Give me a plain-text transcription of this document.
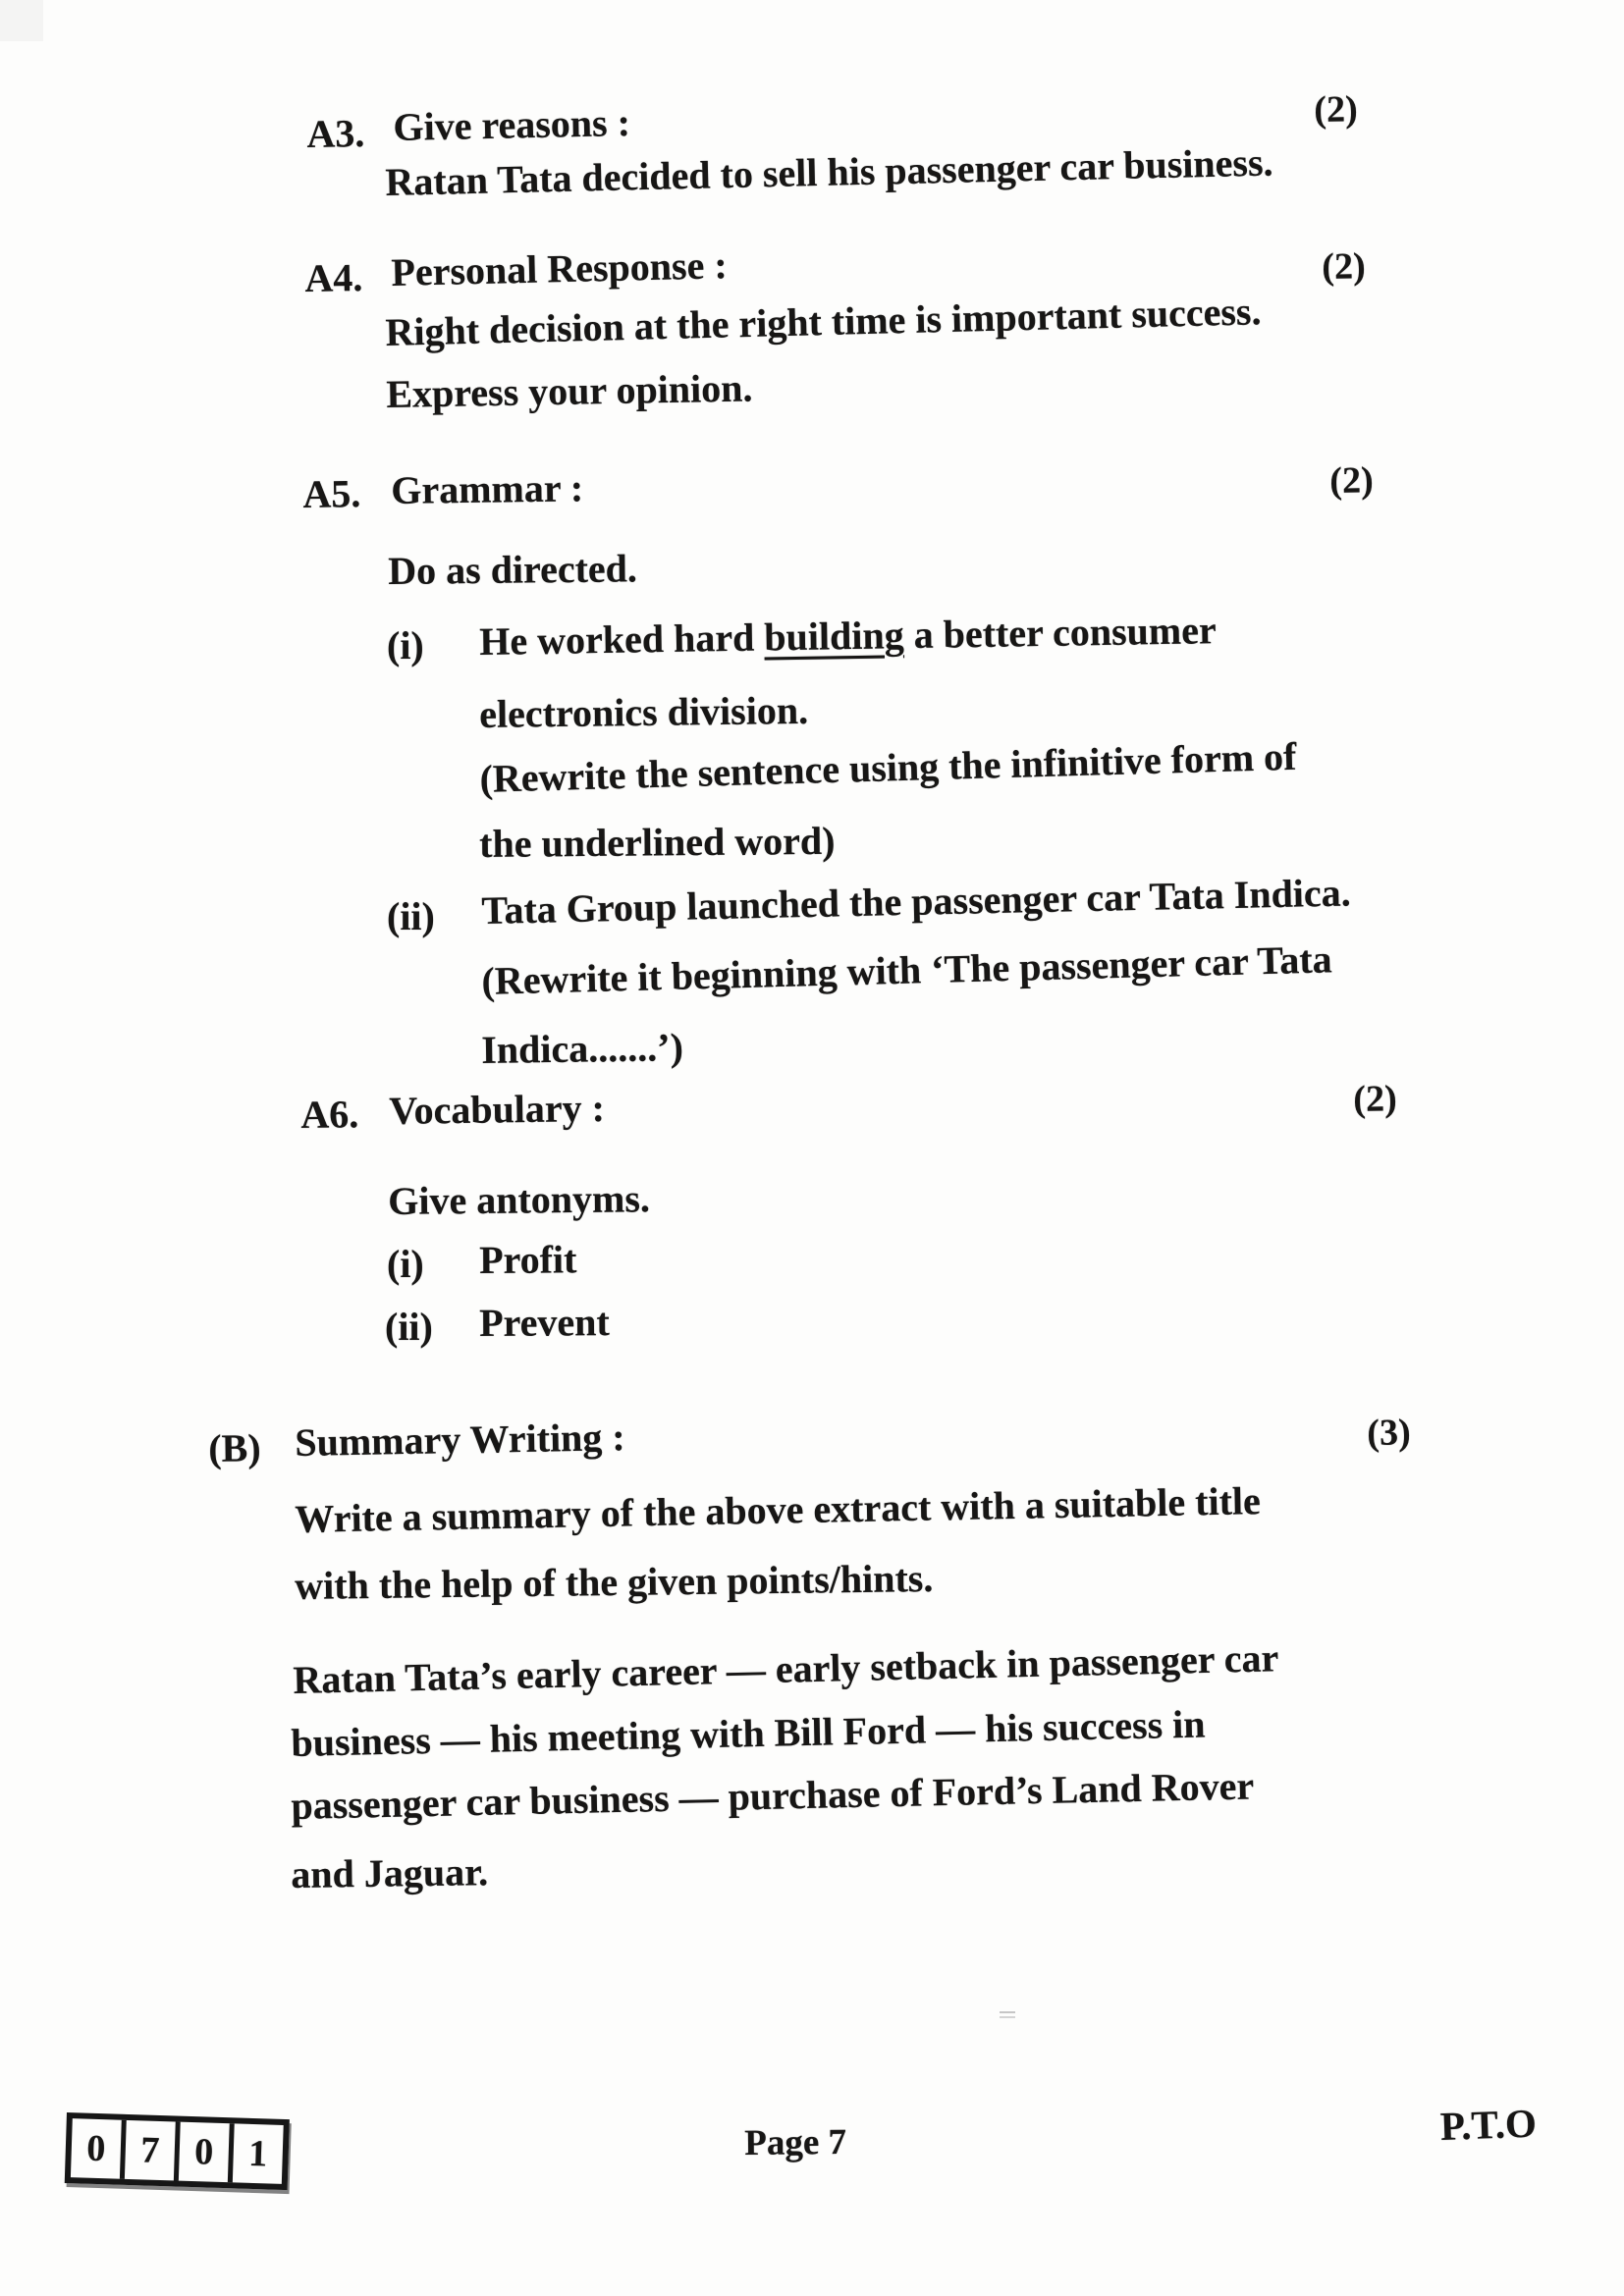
A3. Give reasons :	(2)
Ratan Tata decided to sell his passenger car business.
A4. Personal Response :	(2)
Right decision at the right time is important success.
Express your opinion.
A5. Grammar :	(2)
Do as directed.
(i) He worked hard building a better consumer
electronics division.
(Rewrite the sentence using the infinitive form of
the underlined word)
(ii) Tata Group launched the passenger car Tata Indica.
(Rewrite it beginning with ‘The passenger car Tata
Indica.......’)
A6. Vocabulary :	(2)
Give antonyms.
(i) Profit
(ii) Prevent
(B) Summary Writing :	(3)
Write a summary of the above extract with a suitable title
with the help of the given points/hints.
Ratan Tata’s early career — early setback in passenger car
business — his meeting with Bill Ford — his success in
passenger car business — purchase of Ford’s Land Rover
and Jaguar.
0 7 0 1	Page 7	P.T.O
